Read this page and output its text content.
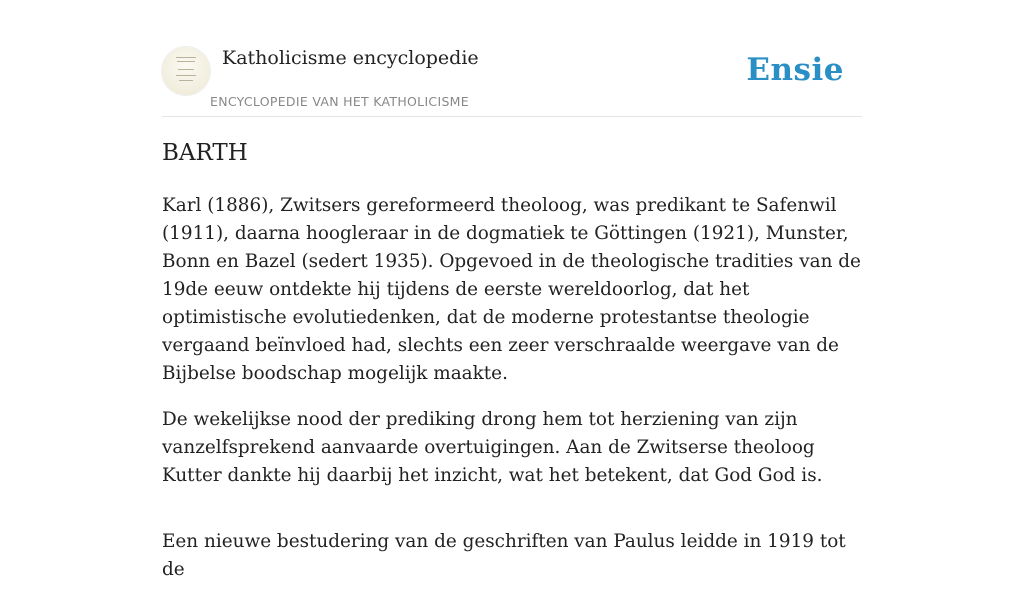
Katholicisme encyclopedie
ENCYCLOPEDIE VAN HET KATHOLICISME
Ensie
BARTH

Karl (1886), Zwitsers gereformeerd theoloog, was predikant te Safenwil (1911), daarna hoogleraar in de dogmatiek te Göttingen (1921), Munster, Bonn en Bazel (sedert 1935). Opgevoed in de theologische tradities van de 19de eeuw ontdekte hij tijdens de eerste wereldoorlog, dat het optimistische evolutiedenken, dat de moderne protestantse theologie vergaand beïnvloed had, slechts een zeer verschraalde weergave van de Bijbelse boodschap mogelijk maakte.

De wekelijkse nood der prediking drong hem tot herziening van zijn vanzelfsprekend aanvaarde overtuigingen. Aan de Zwitserse theoloog Kutter dankte hij daarbij het inzicht, wat het betekent, dat God God is.

Een nieuwe bestudering van de geschriften van Paulus leidde in 1919 tot de
